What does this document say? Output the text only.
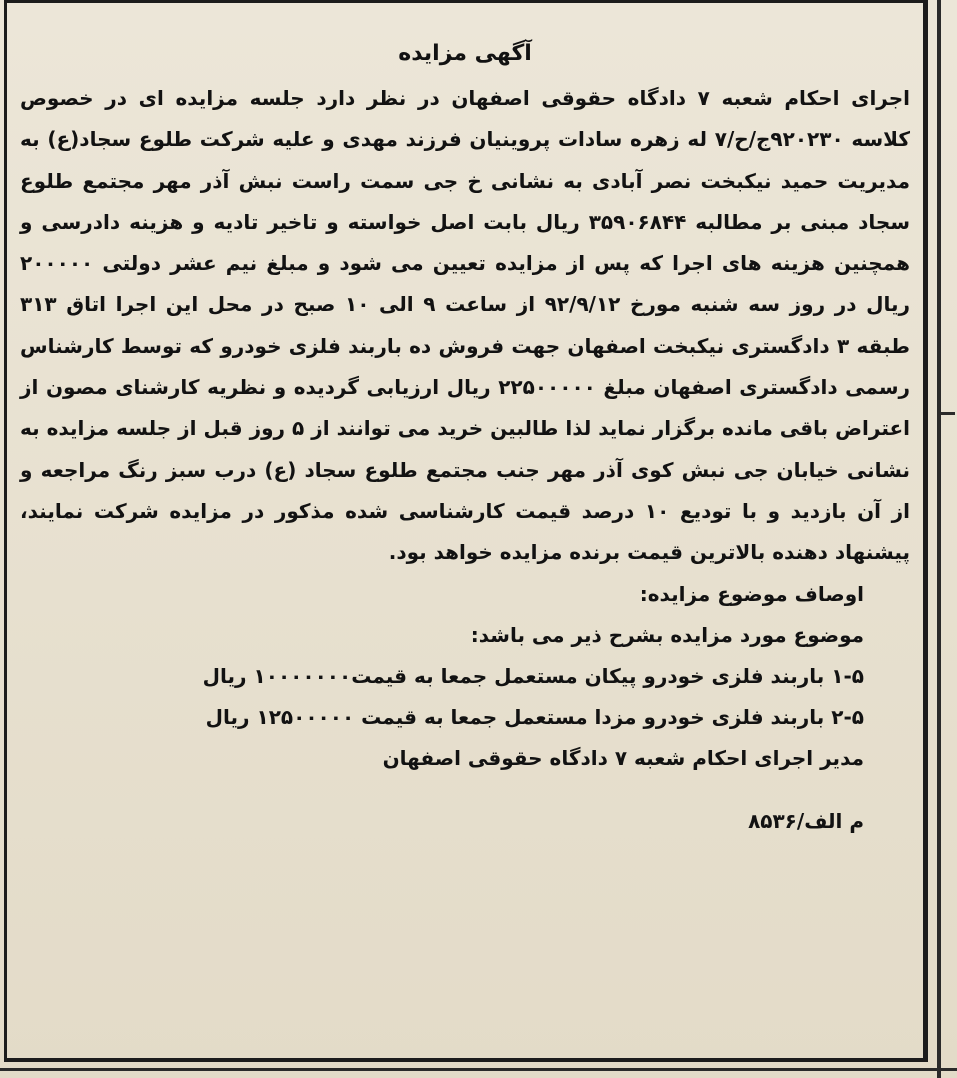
آگهی مزایده

اجرای احکام شعبه ۷ دادگاه حقوقی اصفهان در نظر دارد جلسه مزایده ای در خصوص کلاسه ۹۲۰۲۳۰ج/ح/۷ له زهره سادات پروینیان فرزند مهدی و علیه شرکت طلوع سجاد(ع) به مدیریت حمید نیکبخت نصر آبادی به نشانی خ جی سمت راست نبش آذر مهر مجتمع طلوع سجاد مبنی بر مطالبه ۳۵۹۰۶۸۴۴ ریال بابت اصل خواسته و تاخیر تادیه و هزینه دادرسی و همچنین هزینه های اجرا که پس از مزایده تعیین می شود و مبلغ نیم عشر دولتی ۲۰۰۰۰۰ ریال در روز سه شنبه مورخ ۹۲/۹/۱۲ از ساعت ۹ الی ۱۰ صبح در محل این اجرا اتاق ۳۱۳ طبقه ۳ دادگستری نیکبخت اصفهان جهت فروش ده باربند فلزی خودرو که توسط کارشناس رسمی دادگستری اصفهان مبلغ ۲۲۵۰۰۰۰۰ ریال ارزیابی گردیده و نظریه کارشنای مصون از اعتراض باقی مانده برگزار نماید لذا طالبین خرید می توانند از ۵ روز قبل از جلسه مزایده به نشانی خیابان جی نبش کوی آذر مهر جنب مجتمع طلوع سجاد (ع) درب سبز رنگ مراجعه و از آن بازدید و با توديع ۱۰ درصد قیمت کارشناسی شده مذکور در مزایده شرکت نمایند، پیشنهاد دهنده بالاترین قیمت برنده مزایده خواهد بود.

اوصاف موضوع مزایده:

موضوع مورد مزایده بشرح ذیر می باشد:

۱-۵ باربند فلزی خودرو پیکان مستعمل جمعا به قیمت۱۰۰۰۰۰۰۰ ریال

۲-۵ باربند فلزی خودرو مزدا مستعمل جمعا به قیمت ۱۲۵۰۰۰۰۰ ریال

مدیر اجرای احکام شعبه ۷ دادگاه حقوقی اصفهان

م الف/۸۵۳۶
